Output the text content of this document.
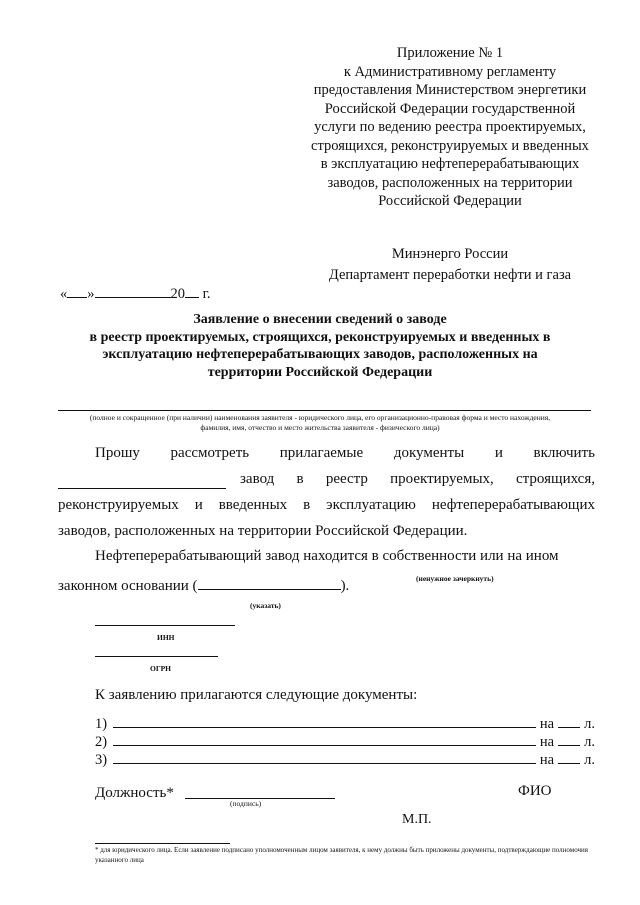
Приложение № 1
к Административному регламенту
предоставления Министерством энергетики
Российской Федерации государственной
услуги по ведению реестра проектируемых,
строящихся, реконструируемых и введенных
в эксплуатацию нефтеперерабатывающих
заводов, расположенных на территории
Российской Федерации
Минэнерго России
Департамент переработки нефти и газа
« »	20 г.
Заявление о внесении сведений о заводе
в реестр проектируемых, строящихся, реконструируемых и введенных в
эксплуатацию нефтеперерабатывающих заводов, расположенных на
территории Российской Федерации
(полное и сокращенное (при наличии) наименования заявителя - юридического лица, его организационно-правовая форма и место нахождения,
фамилия, имя, отчество и место жительства заявителя - физического лица)
Прошу рассмотреть прилагаемые документы и включить
завод в реестр проектируемых, строящихся,
реконструируемых и введенных в эксплуатацию нефтеперерабатывающих
заводов, расположенных на территории Российской Федерации.
Нефтеперерабатывающий завод находится в собственности или на ином
законном основании (	).	(ненужное зачеркнуть)
(указать)
ИНН
ОГРН
К заявлению прилагаются следующие документы:
1)	на л.
2)	на л.
3)	на л.
Должность*
(подпись)
ФИО
М.П.
* для юридического лица. Если заявление подписано уполномоченным лицом заявителя, к нему должны быть приложены документы, подтверждающие полномочия указанного лица
